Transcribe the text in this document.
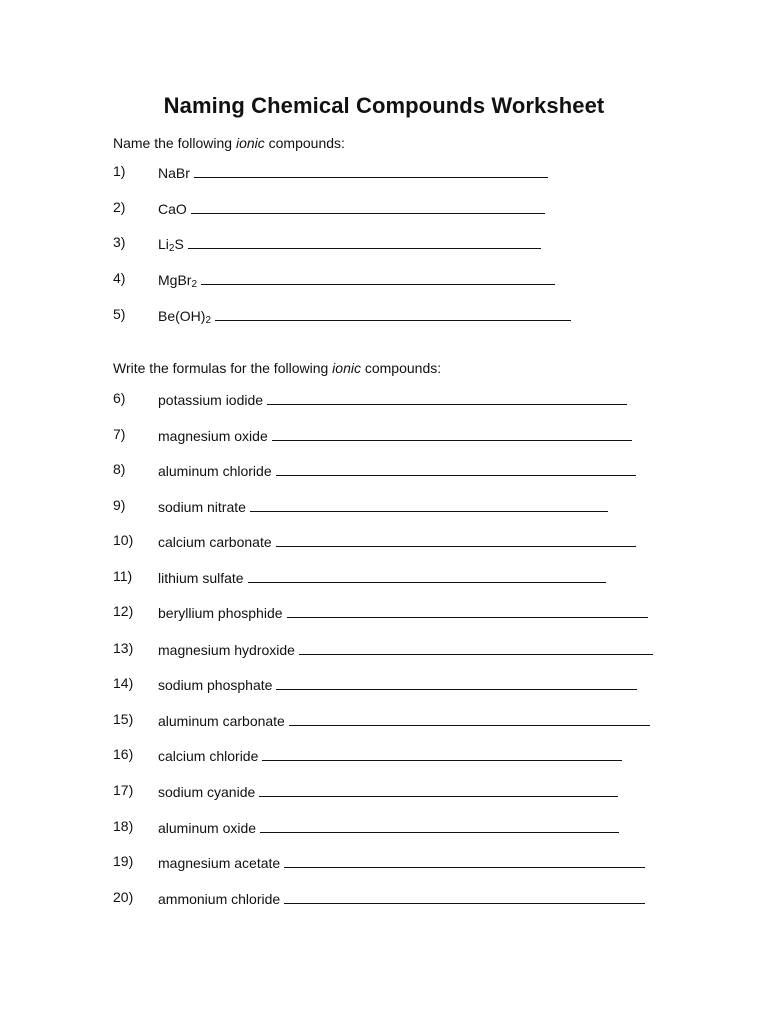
Naming Chemical Compounds Worksheet
Name the following ionic compounds:
1) NaBr
2) CaO
3) $Li_2S$
4) MgBr$_2$
5) $Be(OH)_2$
Write the formulas for the following ionic compounds:
6) potassium iodide
7) magnesium oxide
8) aluminum chloride
9) sodium nitrate
10) calcium carbonate
11) lithium sulfate
12) beryllium phosphide
13) magnesium hydroxide
14) sodium phosphate
15) aluminum carbonate
16) calcium chloride
17) sodium cyanide
18) aluminum oxide
19) magnesium acetate
20) ammonium chloride
